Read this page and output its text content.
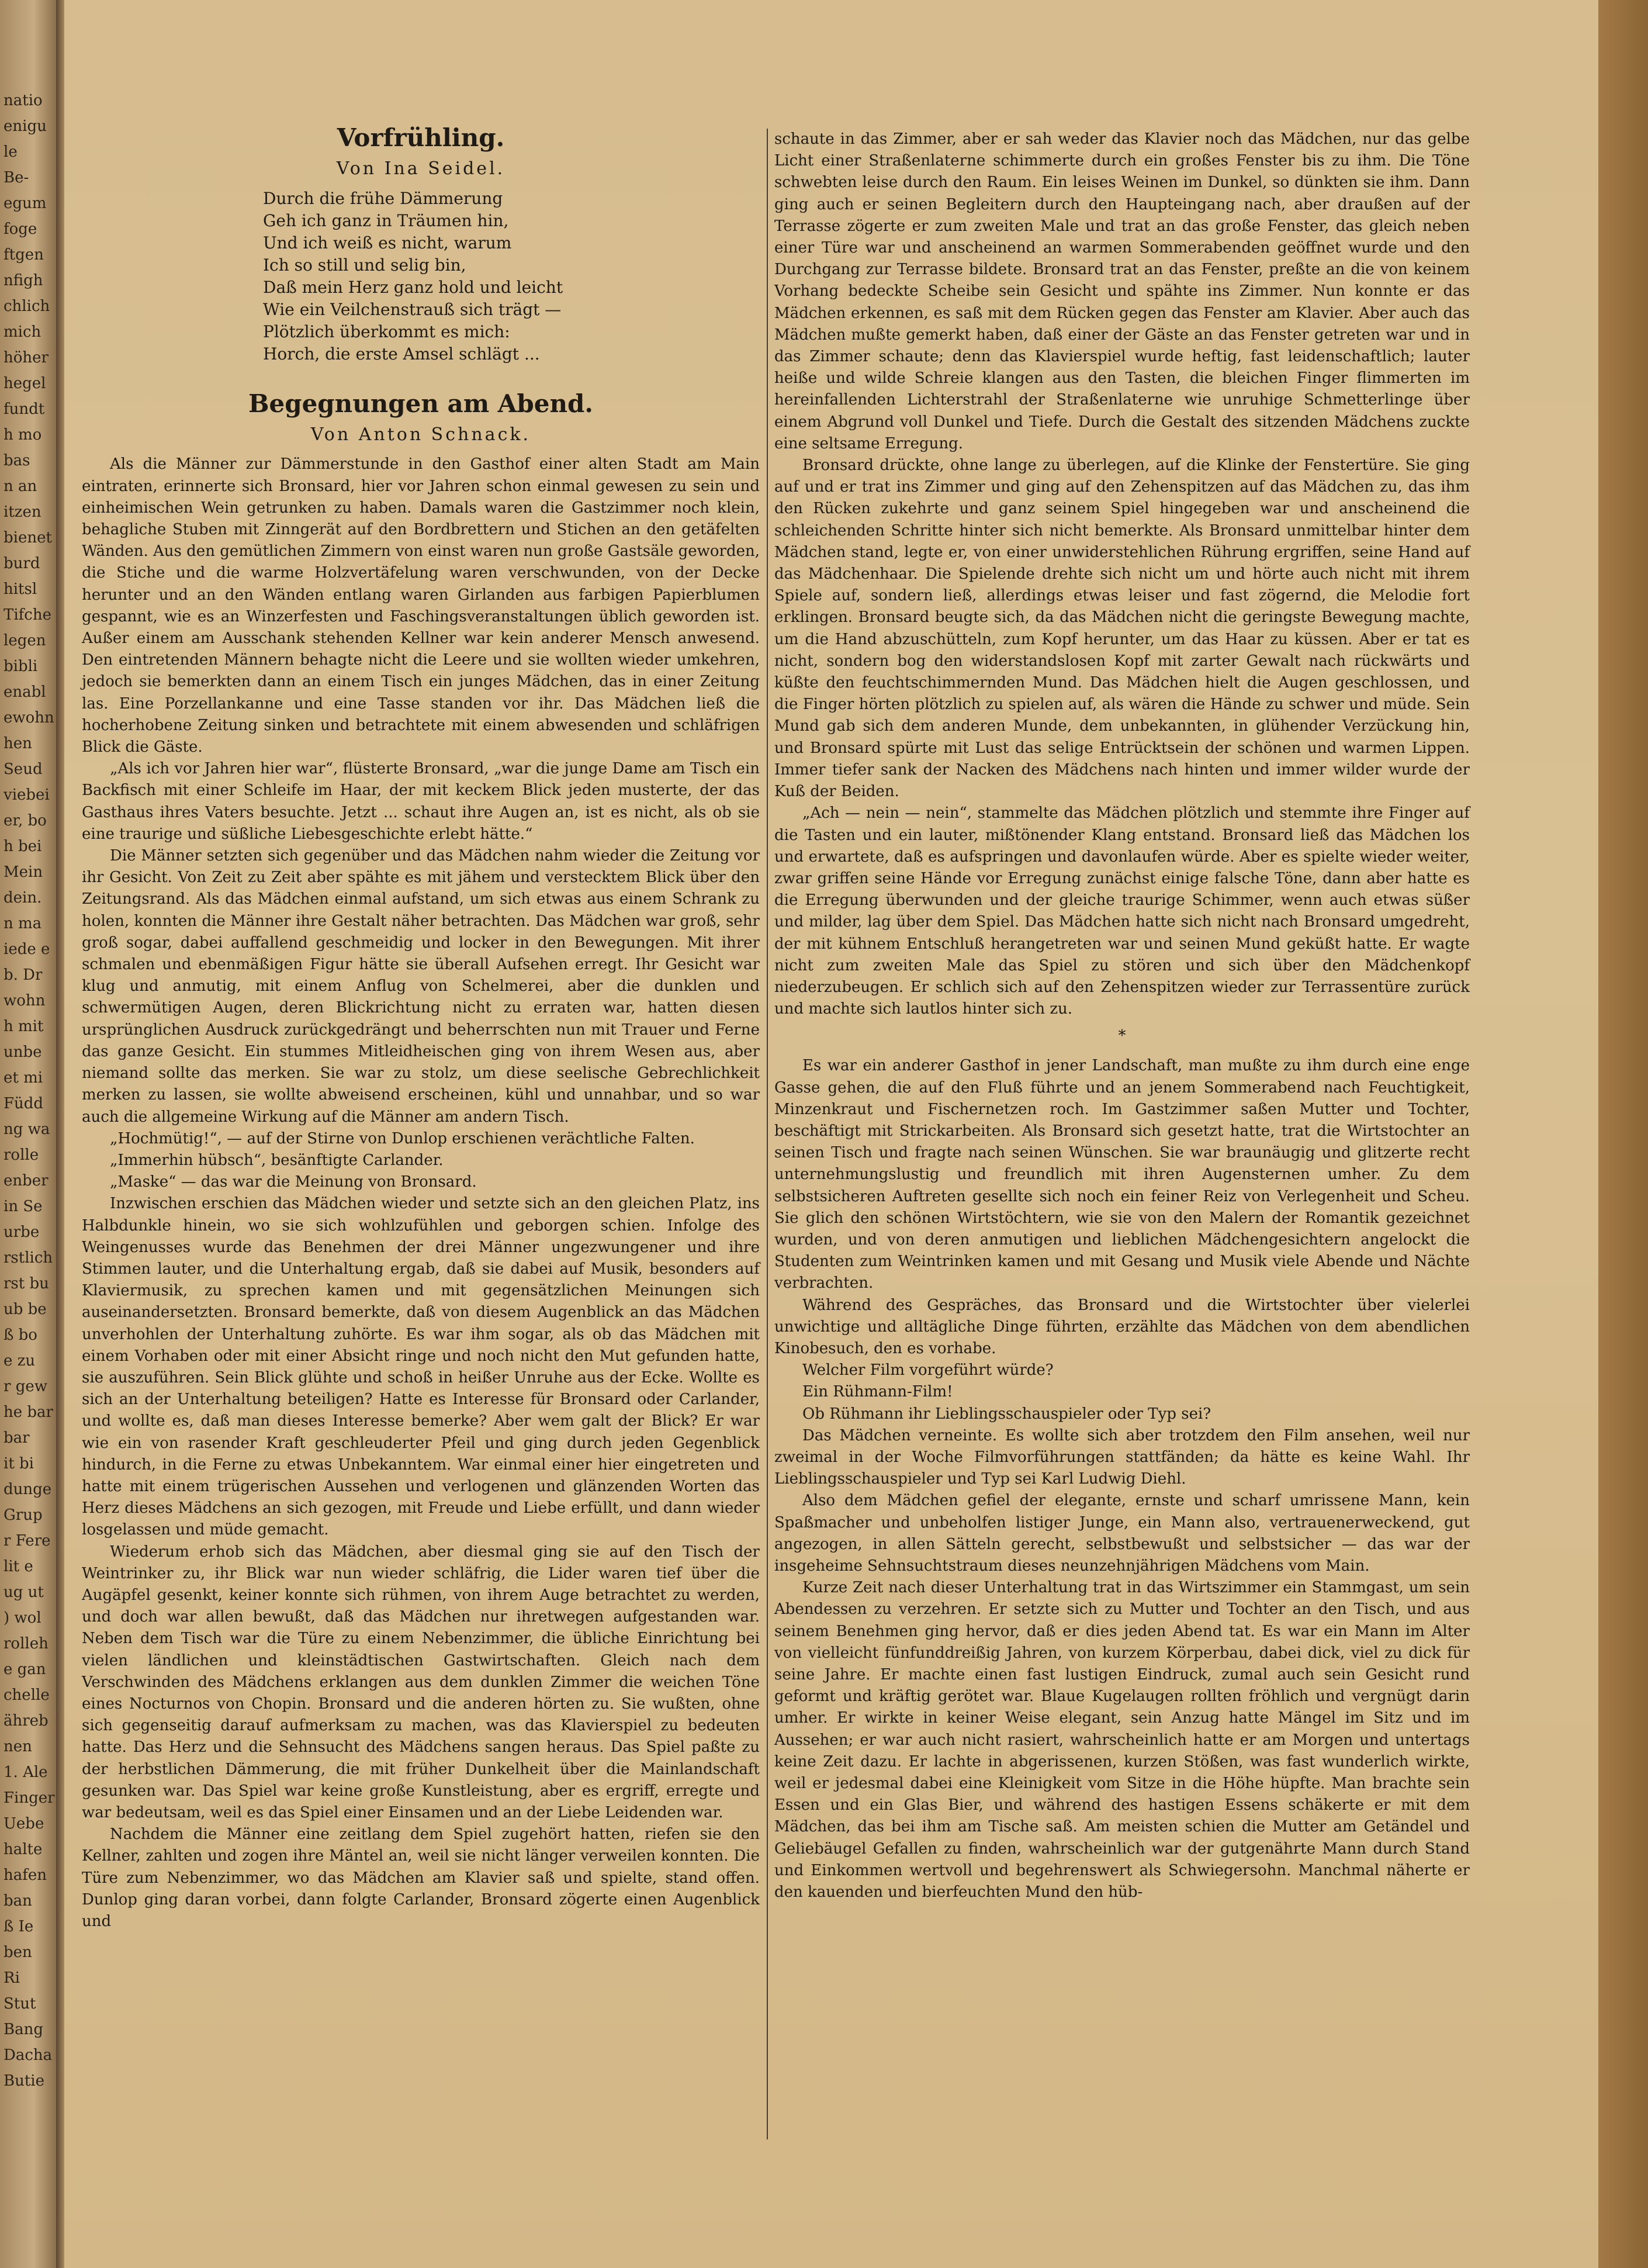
natio
enigu
le
Be-
egum
foge
ftgen
nfigh
chlich
mich
höher
hegel
fundt
h mo
bas
n an
itzen
bienet
burd
hitsl
Tifche
legen
bibli
enabl
ewohn
hen
Seud
viebei
er, bo
h bei
Mein
dein.
n ma
iede e
b. Dr
wohn
h mit
unbe
et mi
Füdd
ng wa
rolle
enber
in Se
urbe
rstlich
rst bu
ub be
ß bo
e zu
r gew
he bar
bar
it bi
dunge
Grup
r Fere
lit e
ug ut
) wol
rolleh
e gan
chelle
ähreb
nen
1. Ale
Finger
Uebe
halte
hafen
ban
ß Ie
ben
Ri
Stut
Bang
Dacha
Butie
Vorfrühling.
Von Ina Seidel.
Durch die frühe Dämmerung
Geh ich ganz in Träumen hin,
Und ich weiß es nicht, warum
Ich so still und selig bin,
Daß mein Herz ganz hold und leicht
Wie ein Veilchenstrauß sich trägt —
Plötzlich überkommt es mich:
Horch, die erste Amsel schlägt ...
Begegnungen am Abend.
Von Anton Schnack.

Als die Männer zur Dämmerstunde in den Gasthof einer alten Stadt am Main eintraten, erinnerte sich Bronsard, hier vor Jahren schon einmal gewesen zu sein und einheimischen Wein getrunken zu haben. Damals waren die Gastzimmer noch klein, behagliche Stuben mit Zinngerät auf den Bordbrettern und Stichen an den getäfelten Wänden. Aus den gemütlichen Zimmern von einst waren nun große Gastsäle geworden, die Stiche und die warme Holzvertäfelung waren verschwunden, von der Decke herunter und an den Wänden entlang waren Girlanden aus farbigen Papierblumen gespannt, wie es an Winzerfesten und Faschingsveranstaltungen üblich geworden ist. Außer einem am Ausschank stehenden Kellner war kein anderer Mensch anwesend. Den eintretenden Männern behagte nicht die Leere und sie wollten wieder umkehren, jedoch sie bemerkten dann an einem Tisch ein junges Mädchen, das in einer Zeitung las. Eine Porzellankanne und eine Tasse standen vor ihr. Das Mädchen ließ die hocherhobene Zeitung sinken und betrachtete mit einem abwesenden und schläfrigen Blick die Gäste.

„Als ich vor Jahren hier war“, flüsterte Bronsard, „war die junge Dame am Tisch ein Backfisch mit einer Schleife im Haar, der mit keckem Blick jeden musterte, der das Gasthaus ihres Vaters besuchte. Jetzt ... schaut ihre Augen an, ist es nicht, als ob sie eine traurige und süßliche Liebesgeschichte erlebt hätte.“

Die Männer setzten sich gegenüber und das Mädchen nahm wieder die Zeitung vor ihr Gesicht. Von Zeit zu Zeit aber spähte es mit jähem und verstecktem Blick über den Zeitungsrand. Als das Mädchen einmal aufstand, um sich etwas aus einem Schrank zu holen, konnten die Männer ihre Gestalt näher betrachten. Das Mädchen war groß, sehr groß sogar, dabei auffallend geschmeidig und locker in den Bewegungen. Mit ihrer schmalen und ebenmäßigen Figur hätte sie überall Aufsehen erregt. Ihr Gesicht war klug und anmutig, mit einem Anflug von Schelmerei, aber die dunklen und schwermütigen Augen, deren Blickrichtung nicht zu erraten war, hatten diesen ursprünglichen Ausdruck zurückgedrängt und beherrschten nun mit Trauer und Ferne das ganze Gesicht. Ein stummes Mitleidheischen ging von ihrem Wesen aus, aber niemand sollte das merken. Sie war zu stolz, um diese seelische Gebrechlichkeit merken zu lassen, sie wollte abweisend erscheinen, kühl und unnahbar, und so war auch die allgemeine Wirkung auf die Männer am andern Tisch.

„Hochmütig!“, — auf der Stirne von Dunlop erschienen verächtliche Falten.

„Immerhin hübsch“, besänftigte Carlander.

„Maske“ — das war die Meinung von Bronsard.

Inzwischen erschien das Mädchen wieder und setzte sich an den gleichen Platz, ins Halbdunkle hinein, wo sie sich wohlzufühlen und geborgen schien. Infolge des Weingenusses wurde das Benehmen der drei Männer ungezwungener und ihre Stimmen lauter, und die Unterhaltung ergab, daß sie dabei auf Musik, besonders auf Klaviermusik, zu sprechen kamen und mit gegensätzlichen Meinungen sich auseinandersetzten. Bronsard bemerkte, daß von diesem Augenblick an das Mädchen unverhohlen der Unterhaltung zuhörte. Es war ihm sogar, als ob das Mädchen mit einem Vorhaben oder mit einer Absicht ringe und noch nicht den Mut gefunden hatte, sie auszuführen. Sein Blick glühte und schoß in heißer Unruhe aus der Ecke. Wollte es sich an der Unterhaltung beteiligen? Hatte es Interesse für Bronsard oder Carlander, und wollte es, daß man dieses Interesse bemerke? Aber wem galt der Blick? Er war wie ein von rasender Kraft geschleuderter Pfeil und ging durch jeden Gegenblick hindurch, in die Ferne zu etwas Unbekanntem. War einmal einer hier eingetreten und hatte mit einem trügerischen Aussehen und verlogenen und glänzenden Worten das Herz dieses Mädchens an sich gezogen, mit Freude und Liebe erfüllt, und dann wieder losgelassen und müde gemacht.

Wiederum erhob sich das Mädchen, aber diesmal ging sie auf den Tisch der Weintrinker zu, ihr Blick war nun wieder schläfrig, die Lider waren tief über die Augäpfel gesenkt, keiner konnte sich rühmen, von ihrem Auge betrachtet zu werden, und doch war allen bewußt, daß das Mädchen nur ihretwegen aufgestanden war. Neben dem Tisch war die Türe zu einem Nebenzimmer, die übliche Einrichtung bei vielen ländlichen und kleinstädtischen Gastwirtschaften. Gleich nach dem Verschwinden des Mädchens erklangen aus dem dunklen Zimmer die weichen Töne eines Nocturnos von Chopin. Bronsard und die anderen hörten zu. Sie wußten, ohne sich gegenseitig darauf aufmerksam zu machen, was das Klavierspiel zu bedeuten hatte. Das Herz und die Sehnsucht des Mädchens sangen heraus. Das Spiel paßte zu der herbstlichen Dämmerung, die mit früher Dunkelheit über die Mainlandschaft gesunken war. Das Spiel war keine große Kunstleistung, aber es ergriff, erregte und war bedeutsam, weil es das Spiel einer Einsamen und an der Liebe Leidenden war.

Nachdem die Männer eine zeitlang dem Spiel zugehört hatten, riefen sie den Kellner, zahlten und zogen ihre Mäntel an, weil sie nicht länger verweilen konnten. Die Türe zum Nebenzimmer, wo das Mädchen am Klavier saß und spielte, stand offen. Dunlop ging daran vorbei, dann folgte Carlander, Bronsard zögerte einen Augenblick und

schaute in das Zimmer, aber er sah weder das Klavier noch das Mädchen, nur das gelbe Licht einer Straßenlaterne schimmerte durch ein großes Fenster bis zu ihm. Die Töne schwebten leise durch den Raum. Ein leises Weinen im Dunkel, so dünkten sie ihm. Dann ging auch er seinen Begleitern durch den Haupteingang nach, aber draußen auf der Terrasse zögerte er zum zweiten Male und trat an das große Fenster, das gleich neben einer Türe war und anscheinend an warmen Sommerabenden geöffnet wurde und den Durchgang zur Terrasse bildete. Bronsard trat an das Fenster, preßte an die von keinem Vorhang bedeckte Scheibe sein Gesicht und spähte ins Zimmer. Nun konnte er das Mädchen erkennen, es saß mit dem Rücken gegen das Fenster am Klavier. Aber auch das Mädchen mußte gemerkt haben, daß einer der Gäste an das Fenster getreten war und in das Zimmer schaute; denn das Klavierspiel wurde heftig, fast leidenschaftlich; lauter heiße und wilde Schreie klangen aus den Tasten, die bleichen Finger flimmerten im hereinfallenden Lichterstrahl der Straßenlaterne wie unruhige Schmetterlinge über einem Abgrund voll Dunkel und Tiefe. Durch die Gestalt des sitzenden Mädchens zuckte eine seltsame Erregung.

Bronsard drückte, ohne lange zu überlegen, auf die Klinke der Fenstertüre. Sie ging auf und er trat ins Zimmer und ging auf den Zehenspitzen auf das Mädchen zu, das ihm den Rücken zukehrte und ganz seinem Spiel hingegeben war und anscheinend die schleichenden Schritte hinter sich nicht bemerkte. Als Bronsard unmittelbar hinter dem Mädchen stand, legte er, von einer unwiderstehlichen Rührung ergriffen, seine Hand auf das Mädchenhaar. Die Spielende drehte sich nicht um und hörte auch nicht mit ihrem Spiele auf, sondern ließ, allerdings etwas leiser und fast zögernd, die Melodie fort erklingen. Bronsard beugte sich, da das Mädchen nicht die geringste Bewegung machte, um die Hand abzuschütteln, zum Kopf herunter, um das Haar zu küssen. Aber er tat es nicht, sondern bog den widerstandslosen Kopf mit zarter Gewalt nach rückwärts und küßte den feuchtschimmernden Mund. Das Mädchen hielt die Augen geschlossen, und die Finger hörten plötzlich zu spielen auf, als wären die Hände zu schwer und müde. Sein Mund gab sich dem anderen Munde, dem unbekannten, in glühender Verzückung hin, und Bronsard spürte mit Lust das selige Entrücktsein der schönen und warmen Lippen. Immer tiefer sank der Nacken des Mädchens nach hinten und immer wilder wurde der Kuß der Beiden.

„Ach — nein — nein“, stammelte das Mädchen plötzlich und stemmte ihre Finger auf die Tasten und ein lauter, mißtönender Klang entstand. Bronsard ließ das Mädchen los und erwartete, daß es aufspringen und davonlaufen würde. Aber es spielte wieder weiter, zwar griffen seine Hände vor Erregung zunächst einige falsche Töne, dann aber hatte es die Erregung überwunden und der gleiche traurige Schimmer, wenn auch etwas süßer und milder, lag über dem Spiel. Das Mädchen hatte sich nicht nach Bronsard umgedreht, der mit kühnem Entschluß herangetreten war und seinen Mund geküßt hatte. Er wagte nicht zum zweiten Male das Spiel zu stören und sich über den Mädchenkopf niederzubeugen. Er schlich sich auf den Zehenspitzen wieder zur Terrassentüre zurück und machte sich lautlos hinter sich zu.

*

Es war ein anderer Gasthof in jener Landschaft, man mußte zu ihm durch eine enge Gasse gehen, die auf den Fluß führte und an jenem Sommerabend nach Feuchtigkeit, Minzenkraut und Fischernetzen roch. Im Gastzimmer saßen Mutter und Tochter, beschäftigt mit Strickarbeiten. Als Bronsard sich gesetzt hatte, trat die Wirtstochter an seinen Tisch und fragte nach seinen Wünschen. Sie war braunäugig und glitzerte recht unternehmungslustig und freundlich mit ihren Augensternen umher. Zu dem selbstsicheren Auftreten gesellte sich noch ein feiner Reiz von Verlegenheit und Scheu. Sie glich den schönen Wirtstöchtern, wie sie von den Malern der Romantik gezeichnet wurden, und von deren anmutigen und lieblichen Mädchengesichtern angelockt die Studenten zum Weintrinken kamen und mit Gesang und Musik viele Abende und Nächte verbrachten.

Während des Gespräches, das Bronsard und die Wirtstochter über vielerlei unwichtige und alltägliche Dinge führten, erzählte das Mädchen von dem abendlichen Kinobesuch, den es vorhabe.

Welcher Film vorgeführt würde?

Ein Rühmann-Film!

Ob Rühmann ihr Lieblingsschauspieler oder Typ sei?

Das Mädchen verneinte. Es wollte sich aber trotzdem den Film ansehen, weil nur zweimal in der Woche Filmvorführungen stattfänden; da hätte es keine Wahl. Ihr Lieblingsschauspieler und Typ sei Karl Ludwig Diehl.

Also dem Mädchen gefiel der elegante, ernste und scharf umrissene Mann, kein Spaßmacher und unbeholfen listiger Junge, ein Mann also, vertrauenerweckend, gut angezogen, in allen Sätteln gerecht, selbstbewußt und selbstsicher — das war der insgeheime Sehnsuchtstraum dieses neunzehnjährigen Mädchens vom Main.

Kurze Zeit nach dieser Unterhaltung trat in das Wirtszimmer ein Stammgast, um sein Abendessen zu verzehren. Er setzte sich zu Mutter und Tochter an den Tisch, und aus seinem Benehmen ging hervor, daß er dies jeden Abend tat. Es war ein Mann im Alter von vielleicht fünfunddreißig Jahren, von kurzem Körperbau, dabei dick, viel zu dick für seine Jahre. Er machte einen fast lustigen Eindruck, zumal auch sein Gesicht rund geformt und kräftig gerötet war. Blaue Kugelaugen rollten fröhlich und vergnügt darin umher. Er wirkte in keiner Weise elegant, sein Anzug hatte Mängel im Sitz und im Aussehen; er war auch nicht rasiert, wahrscheinlich hatte er am Morgen und untertags keine Zeit dazu. Er lachte in abgerissenen, kurzen Stößen, was fast wunderlich wirkte, weil er jedesmal dabei eine Kleinigkeit vom Sitze in die Höhe hüpfte. Man brachte sein Essen und ein Glas Bier, und während des hastigen Essens schäkerte er mit dem Mädchen, das bei ihm am Tische saß. Am meisten schien die Mutter am Getändel und Geliebäugel Gefallen zu finden, wahrscheinlich war der gutgenährte Mann durch Stand und Einkommen wertvoll und begehrenswert als Schwiegersohn. Manchmal näherte er den kauenden und bierfeuchten Mund den hüb-
